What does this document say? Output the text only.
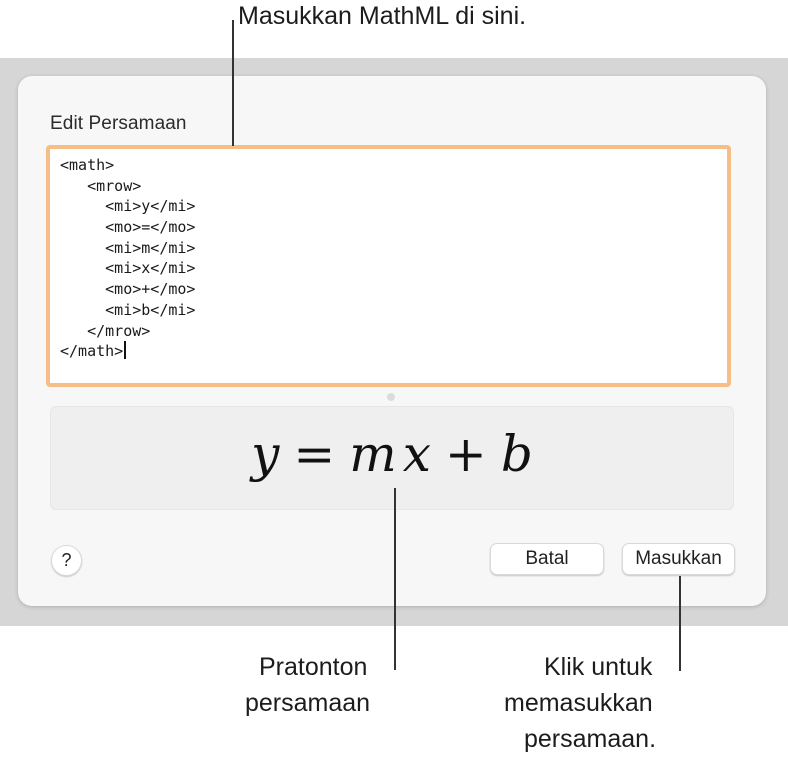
Edit Persamaan
<math>
<mrow>
<mi>y</mi>
<mo>=</mo>
<mi>m</mi>
<mi>x</mi>
<mo>+</mo>
<mi>b</mi>
</mrow>
</math>
y = m x + b
?	Batal	Masukkan
Masukkan MathML di sini.
Pratonton
persamaan
Klik untuk
memasukkan
persamaan.
